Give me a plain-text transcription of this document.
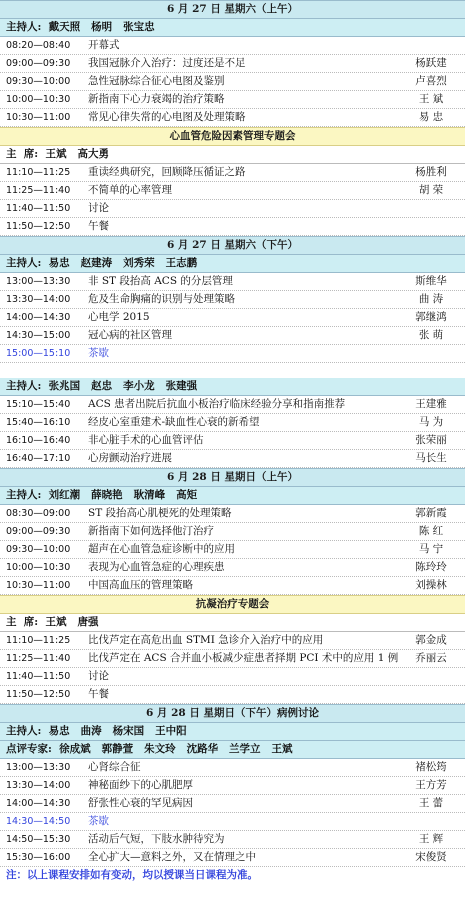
6 月 27 日 星期六（上午）
主持人:  戴天照   杨明   张宝忠
08:20—08:40	开幕式
09:00—09:30	我国冠脉介入治疗：过度还是不足	杨跃建
09:30—10:00	急性冠脉综合征心电图及鉴别	卢喜烈
10:00—10:30	新指南下心力衰竭的治疗策略	王 斌
10:30—11:00	常见心律失常的心电图及处理策略	易 忠
心血管危险因素管理专题会
主  席:  王斌   高大勇
11:10—11:25	重读经典研究，回顾降压循证之路	杨胜利
11:25—11:40	不简单的心率管理	胡 荣
11:40—11:50	讨论
11:50—12:50	午餐
6 月 27 日 星期六（下午）
主持人:  易忠   赵建涛   刘秀荣   王志鹏
13:00—13:30	非 ST 段抬高 ACS 的分层管理	斯维华
13:30—14:00	危及生命胸痛的识别与处理策略	曲 涛
14:00—14:30	心电学 2015	郭继鸿
14:30—15:00	冠心病的社区管理	张 萌
15:00—15:10	茶歇
主持人:  张兆国   赵忠   李小龙   张建强
15:10—15:40	ACS 患者出院后抗血小板治疗临床经验分享和指南推荐	王建雅
15:40—16:10	经皮心室重建术-缺血性心衰的新希望	马 为
16:10—16:40	非心脏手术的心血管评估	张荣丽
16:40—17:10	心房颤动治疗进展	马长生
6 月 28 日 星期日（上午）
主持人:  刘红潮   薛晓艳   耿清峰   高矩
08:30—09:00	ST 段抬高心肌梗死的处理策略	郭新霞
09:00—09:30	新指南下如何选择他汀治疗	陈 红
09:30—10:00	超声在心血管急症诊断中的应用	马 宁
10:00—10:30	表现为心血管急症的心理疾患	陈玲玲
10:30—11:00	中国高血压的管理策略	刘操林
抗凝治疗专题会
主  席:  王斌   唐强
11:10—11:25	比伐芦定在高危出血 STMI 急诊介入治疗中的应用	郭金成
11:25—11:40	比伐芦定在 ACS 合并血小板减少症患者择期 PCI 术中的应用 1 例	乔丽云
11:40—11:50	讨论
11:50—12:50	午餐
6 月 28 日 星期日（下午）病例讨论
主持人:  易忠   曲涛   杨宋国   王中阳
点评专家:  徐成斌   郭静萱   朱文玲   沈路华   兰学立   王斌
13:00—13:30	心肾综合征	褚松筠
13:30—14:00	神秘面纱下的心肌肥厚	王方芳
14:00—14:30	舒张性心衰的罕见病因	王 蕾
14:30—14:50	茶歇
14:50—15:30	活动后气短，下肢水肿待究为	王 辉
15:30—16:00	全心扩大—意料之外，又在情理之中	宋俊贤
注：以上课程安排如有变动，均以授课当日课程为准。
